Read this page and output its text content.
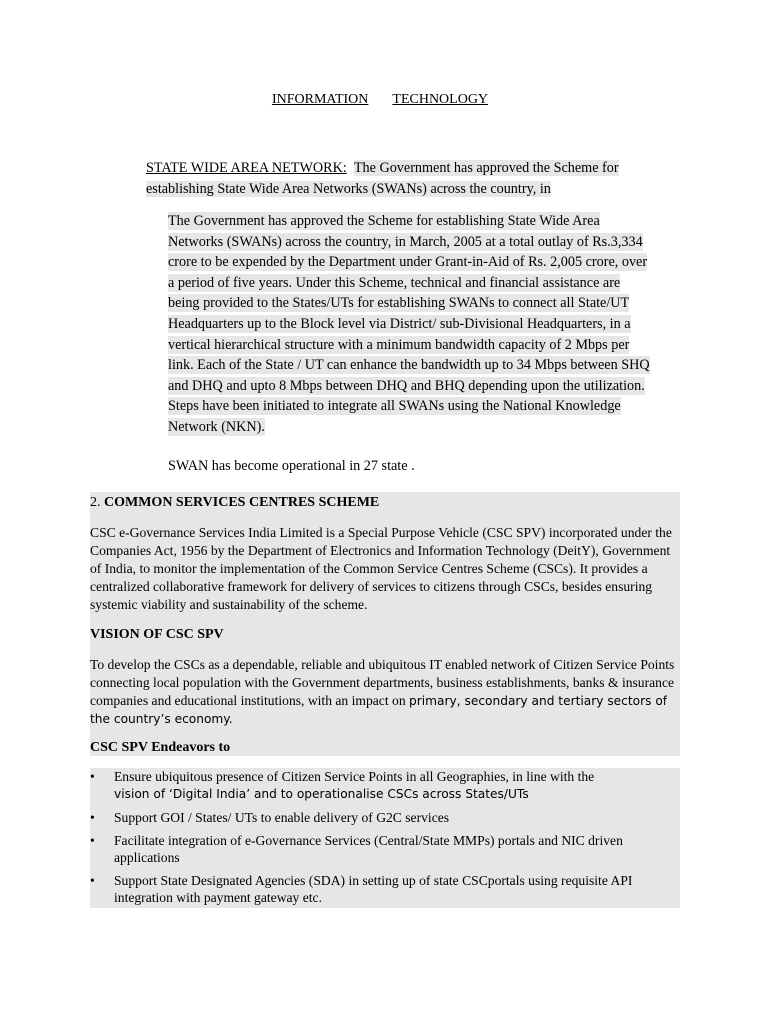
INFORMATION TECHNOLOGY
STATE WIDE AREA NETWORK: The Government has approved the Scheme for establishing State Wide Area Networks (SWANs) across the country, in
The Government has approved the Scheme for establishing State Wide Area Networks (SWANs) across the country, in March, 2005 at a total outlay of Rs.3,334 crore to be expended by the Department under Grant-in-Aid of Rs. 2,005 crore, over a period of five years. Under this Scheme, technical and financial assistance are being provided to the States/UTs for establishing SWANs to connect all State/UT Headquarters up to the Block level via District/ sub-Divisional Headquarters, in a vertical hierarchical structure with a minimum bandwidth capacity of 2 Mbps per link. Each of the State / UT can enhance the bandwidth up to 34 Mbps between SHQ and DHQ and upto 8 Mbps between DHQ and BHQ depending upon the utilization. Steps have been initiated to integrate all SWANs using the National Knowledge Network (NKN).
SWAN has become operational in 27 state .
2. COMMON SERVICES CENTRES SCHEME
CSC e-Governance Services India Limited is a Special Purpose Vehicle (CSC SPV) incorporated under the Companies Act, 1956 by the Department of Electronics and Information Technology (DeitY), Government of India, to monitor the implementation of the Common Service Centres Scheme (CSCs). It provides a centralized collaborative framework for delivery of services to citizens through CSCs, besides ensuring systemic viability and sustainability of the scheme.
VISION OF CSC SPV
To develop the CSCs as a dependable, reliable and ubiquitous IT enabled network of Citizen Service Points connecting local population with the Government departments, business establishments, banks & insurance companies and educational institutions, with an impact on primary, secondary and tertiary sectors of the country’s economy.
CSC SPV Endeavors to
• Ensure ubiquitous presence of Citizen Service Points in all Geographies, in line with the
vision of ‘Digital India’ and to operationalise CSCs across States/UTs
• Support GOI / States/ UTs to enable delivery of G2C services
• Facilitate integration of e-Governance Services (Central/State MMPs) portals and NIC driven applications
• Support State Designated Agencies (SDA) in setting up of state CSCportals using requisite API integration with payment gateway etc.
